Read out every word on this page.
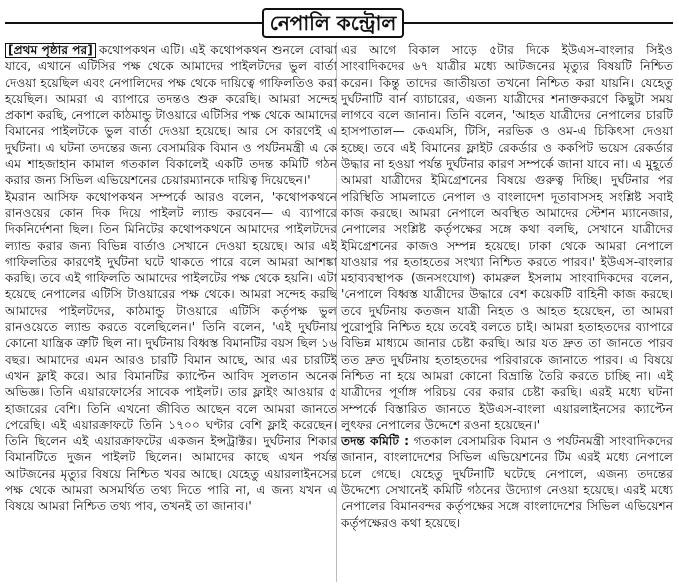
নেপালি কন্ট্রোল

[প্রথম পৃষ্ঠার পর] কথোপকথন এটি। এই কথোপকথন শুনলে বোঝা যাবে, এখানে এটিসির পক্ষ থেকে আমাদের পাইলটদের ভুল বার্তা দেওয়া হয়েছিল এবং নেপালিদের পক্ষ থেকে দায়িত্বে গাফিলতিও করা হয়েছিল। আমরা এ ব্যাপারে তদন্তও শুরু করেছি। আমরা সন্দেহ প্রকাশ করছি, নেপালে কাঠমান্ডু টাওয়ারে এটিসির পক্ষ থেকে আমাদের বিমানের পাইলটকে ভুল বার্তা দেওয়া হয়েছে। আর সে কারণেই এ দুর্ঘটনা। এ ঘটনা তদন্তের জন্য বেসামরিক বিমান ও পর্যটনমন্ত্রী এ কে এম শাহজাহান কামাল গতকাল বিকালেই একটি তদন্ত কমিটি গঠন করার জন্য সিভিল এভিয়েশনের চেয়ারম্যানকে দায়িত্ব দিয়েছেন।'

ইমরান আসিফ কথোপকথন সম্পর্কে আরও বলেন, 'কথোপকথনে রানওয়ের কোন দিক দিয়ে পাইলট ল্যান্ড করবেন— এ ব্যাপারে দিকনির্দেশনা ছিল। তিন মিনিটের কথোপকথনে আমাদের পাইলটদের ল্যান্ড করার জন্য বিভিন্ন বার্তাও সেখানে দেওয়া হয়েছে। আর এই গাফিলতির কারণেই দুর্ঘটনা ঘটে থাকতে পারে বলে আমরা আশঙ্কা করছি। তবে এই গাফিলতি আমাদের পাইলটের পক্ষ থেকে হয়নি। এটা হয়েছে নেপালের এটিসি টাওয়ারের পক্ষ থেকে। আমরা সন্দেহ করছি আমাদের পাইলটদের, কাঠমান্ডু টাওয়ারে এটিসি কর্তৃপক্ষ ভুল রানওয়েতে ল্যান্ড করতে বলেছিলেন।' তিনি বলেন, 'এই দুর্ঘটনায় কোনো যান্ত্রিক ত্রুটি ছিল না। দুর্ঘটনায় বিধ্বস্ত বিমানটির বয়স ছিল ১৬ বছর। আমাদের এমন আরও চারটি বিমান আছে, আর এর চারটিই এখন ফ্লাই করে। আর বিমানটির ক্যাপ্টেন আবিদ সুলতান অনেক অভিজ্ঞ। তিনি এয়ারফোর্সের সাবেক পাইলট। তার ফ্লাইং আওয়ার ৫ হাজারের বেশি। তিনি এখনো জীবিত আছেন বলে আমরা জানতে পেরেছি। এই এয়ারক্রাফটে তিনি ১৭০০ ঘণ্টার বেশি ফ্লাই করেছেন। তিনি ছিলেন এই এয়ারক্রাফটের একজন ইন্সট্রাক্টর। দুর্ঘটনার শিকার বিমানটিতে দুজন পাইলট ছিলেন। আমাদের কাছে এখন পর্যন্ত আটজনের মৃত্যুর বিষয়ে নিশ্চিত খবর আছে। যেহেতু এয়ারলাইনসের পক্ষ থেকে আমরা অসমর্থিত তথ্য দিতে পারি না, এ জন্য যখন এ বিষয়ে আমরা নিশ্চিত তথ্য পাব, তখনই তা জানাব।'

এর আগে বিকাল সাড়ে ৫টার দিকে ইউএস-বাংলার সিইও সাংবাদিকদের ৬৭ যাত্রীর মধ্যে আটজনের মৃত্যুর বিষয়টি নিশ্চিত করেন। কিন্তু তাদের জাতীয়তা তখনো নিশ্চিত করা যায়নি। যেহেতু দুর্ঘটনাটি বার্ন ব্যাচারের, এজন্য যাত্রীদের শনাক্তকরণে কিছুটা সময় লাগবে বলে জানান। তিনি বলেন, 'আহত যাত্রীদের নেপালের চারটি হাসপাতাল— কেএমসি, টিসি, নরভিক ও ওম-এ চিকিৎসা দেওয়া হচ্ছে। তবে এই বিমানের ফ্লাইট রেকর্ডার ও ককপিট ভয়েস রেকর্ডার উদ্ধার না হওয়া পর্যন্ত দুর্ঘটনার কারণ সম্পর্কে জানা যাবে না। এ মুহূর্তে আমরা যাত্রীদের ইমিগ্রেশনের বিষয়ে গুরুত্ব দিচ্ছি। দুর্ঘটনার পর পরিস্থিতি সামলাতে নেপাল ও বাংলাদেশ দূতাবাসসহ সংশ্লিষ্ট সবাই কাজ করছে। আমরা নেপালে অবস্থিত আমাদের স্টেশন ম্যানেজার, নেপালের সংশ্লিষ্ট কর্তৃপক্ষের সঙ্গে কথা বলছি, সেখানে যাত্রীদের ইমিগ্রেশনের কাজও সম্পন্ন হয়েছে। ঢাকা থেকে আমরা নেপালে যাওয়ার পর হতাহতের সংখ্যা নিশ্চিত করতে পারব।' ইউএস-বাংলার মহাব্যবস্থাপক (জনসংযোগ) কামরুল ইসলাম সাংবাদিকদের বলেন, 'নেপালে বিধ্বস্ত যাত্রীদের উদ্ধারে বেশ কয়েকটি বাহিনী কাজ করছে। তবে দুর্ঘটনায় কতজন যাত্রী নিহত ও আহত হয়েছেন, তা আমরা পুরোপুরি নিশ্চিত হয়ে তবেই বলতে চাই। আমরা হতাহতদের ব্যাপারে বিভিন্ন মাধ্যমে জানার চেষ্টা করছি। আর যত দ্রুত তা জানতে পারব তত দ্রুত দুর্ঘটনায় হতাহতদের পরিবারকে জানাতে পারব। এ বিষয়ে নিশ্চিত না হয়ে আমরা কোনো বিভ্রান্তি তৈরি করতে চাচ্ছি না। এই যাত্রীদের পূর্ণাঙ্গ পরিচয় বের করার চেষ্টা করছি। এরই মধ্যে ঘটনা সম্পর্কে বিস্তারিত জানতে ইউএস-বাংলা এয়ারলাইনসের ক্যাপ্টেন লুৎফর নেপালের উদ্দেশে রওনা হয়েছেন।'

তদন্ত কমিটি : গতকাল বেসামরিক বিমান ও পর্যটনমন্ত্রী সাংবাদিকদের জানান, বাংলাদেশের সিভিল এভিয়েশনের টিম এরই মধ্যে নেপালে চলে গেছে। যেহেতু দুর্ঘটনাটি ঘটেছে নেপালে, এজন্য তদন্তের উদ্দেশ্যে সেখানেই কমিটি গঠনের উদ্যোগ নেওয়া হয়েছে। এরই মধ্যে নেপালের বিমানবন্দর কর্তৃপক্ষের সঙ্গে বাংলাদেশের সিভিল এভিয়েশন কর্তৃপক্ষেরও কথা হয়েছে।
